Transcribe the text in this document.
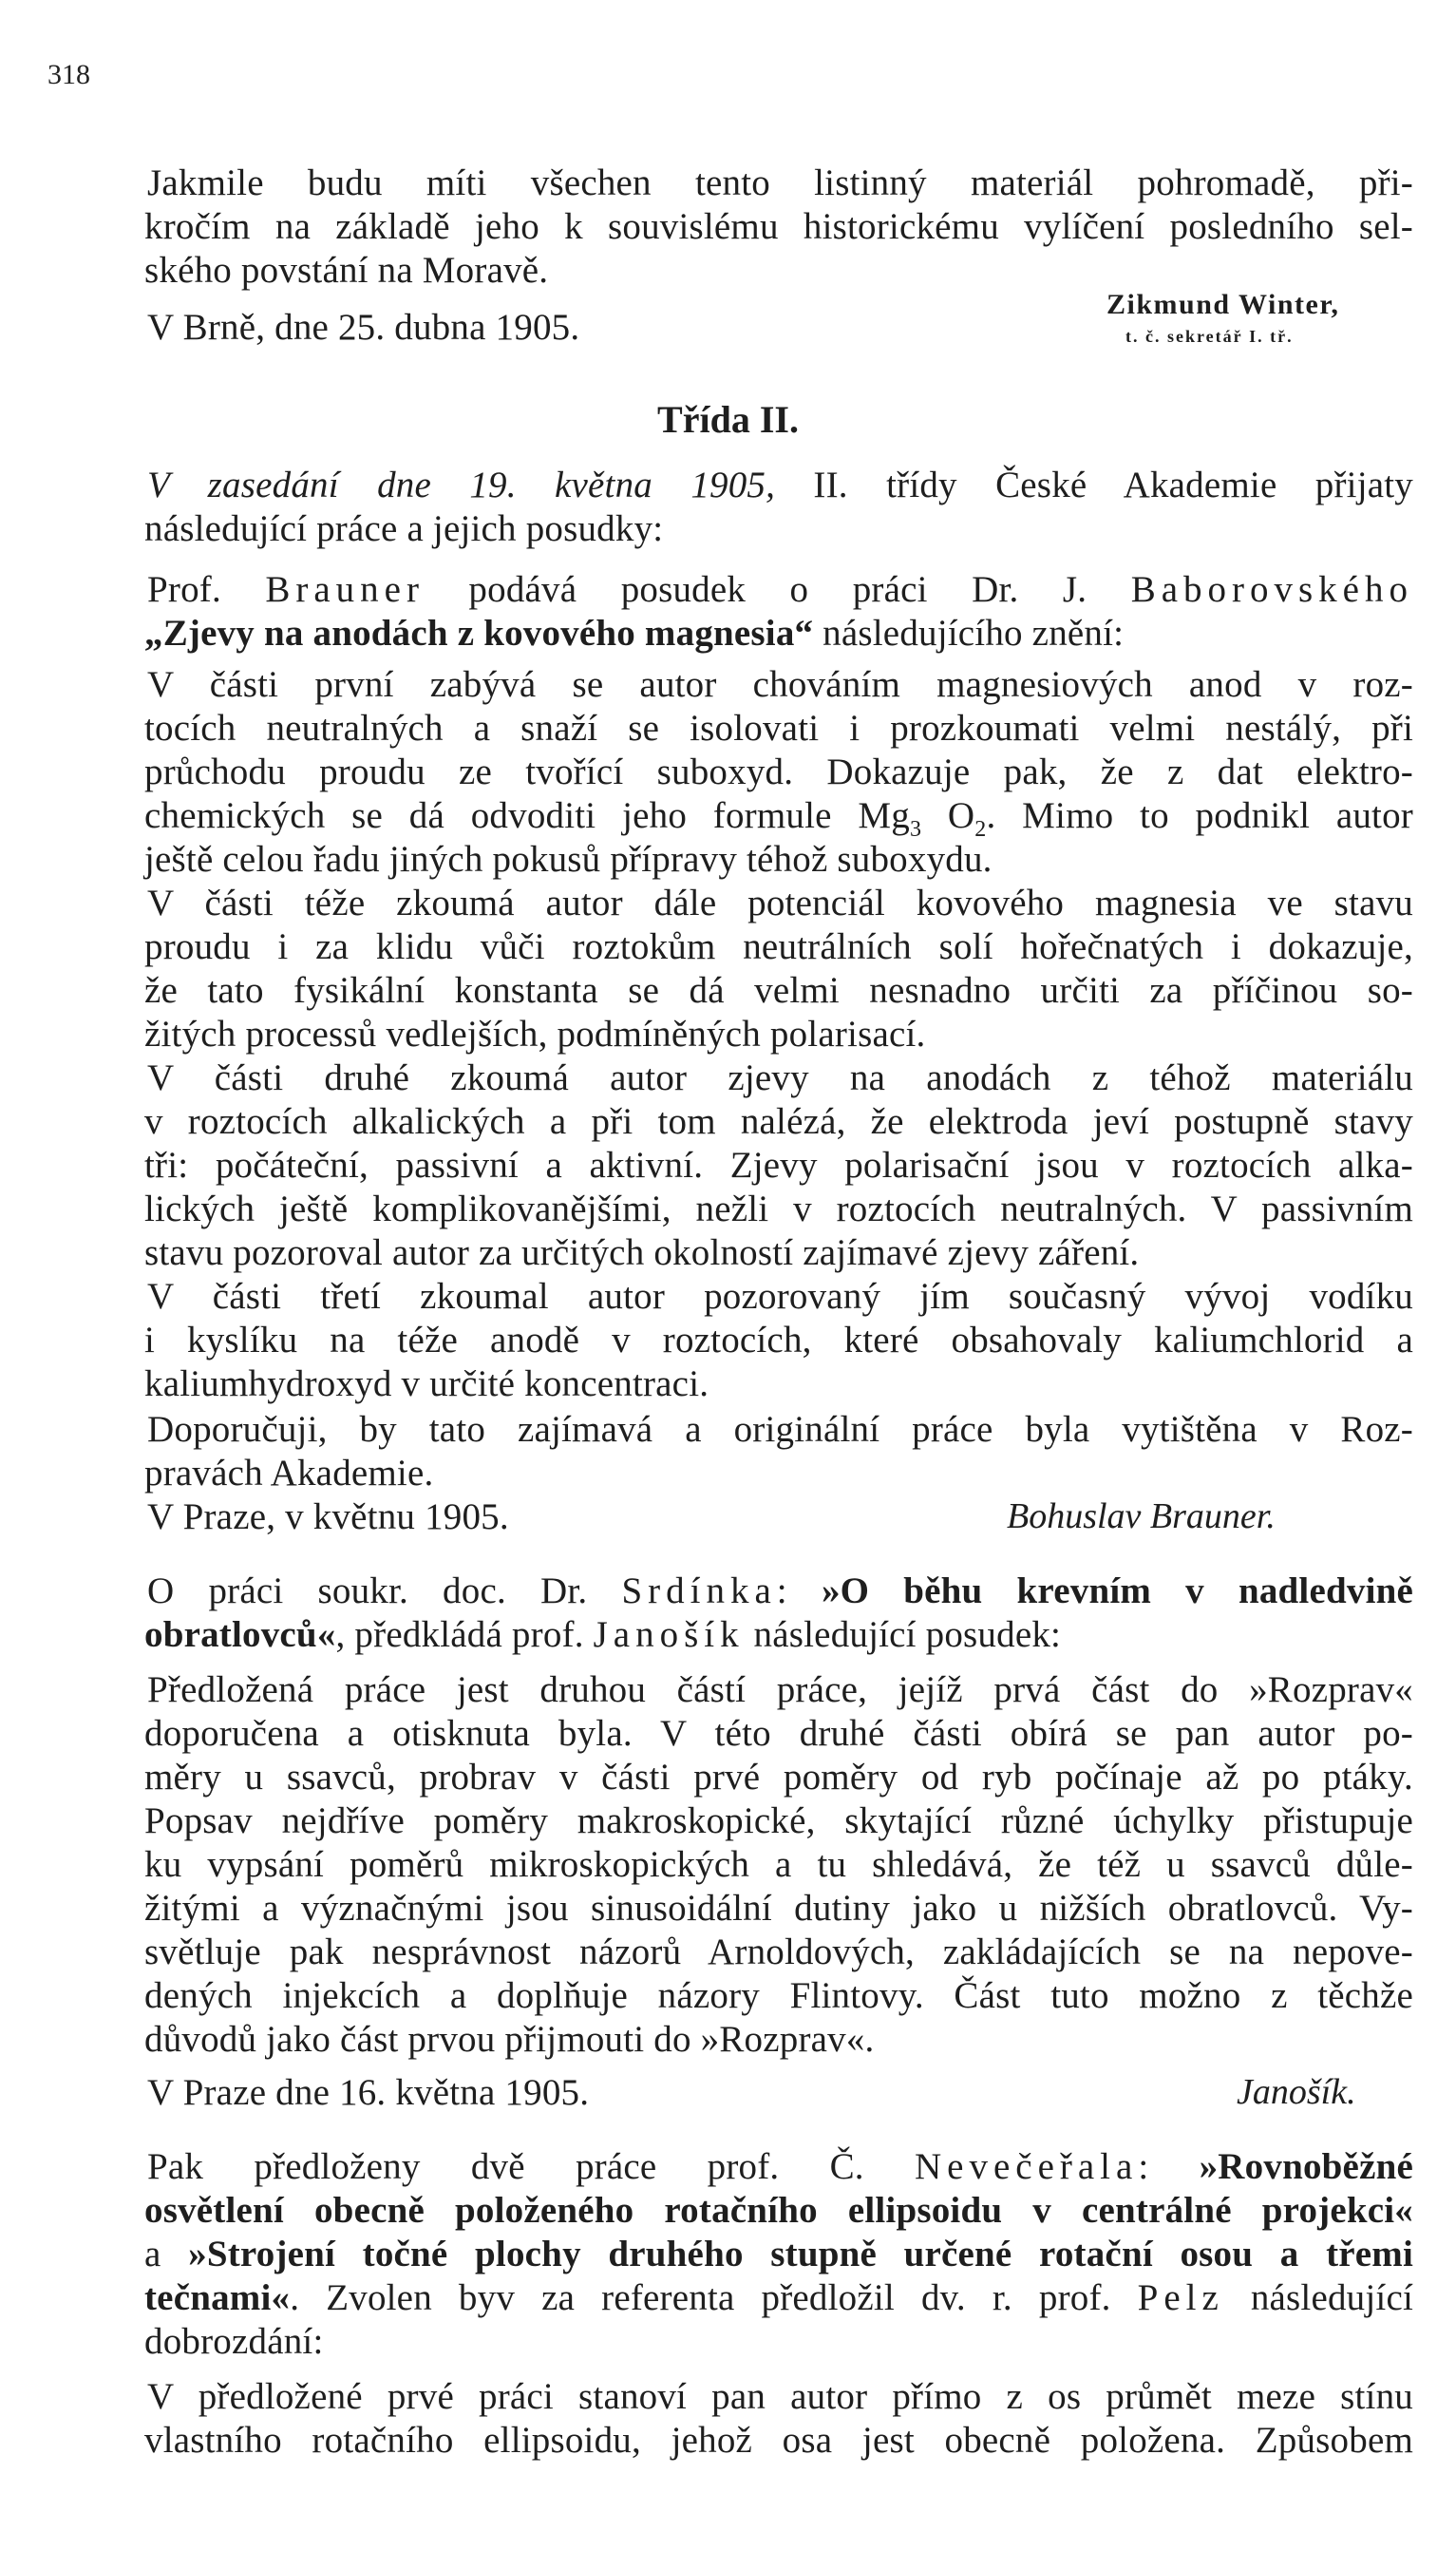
318
Jakmile budu míti všechen tento listinný materiál pohromadě, při-
kročím na základě jeho k souvislému historickému vylíčení posledního sel-
ského povstání na Moravě.
V Brně, dne 25. dubna 1905.
Zikmund Winter,
t. č. sekretář I. tř.
Třída II.
V zasedání dne 19. května 1905, II. třídy České Akademie přijaty
následující práce a jejich posudky:
Prof. Brauner podává posudek o práci Dr. J. Baborovského
„Zjevy na anodách z kovového magnesia“ následujícího znění:
V části první zabývá se autor chováním magnesiových anod v roz-
tocích neutralných a snaží se isolovati i prozkoumati velmi nestálý, při
průchodu proudu ze tvořící suboxyd. Dokazuje pak, že z dat elektro-
chemických se dá odvoditi jeho formule $Mg_3$ $O_2$. Mimo to podnikl autor
ještě celou řadu jiných pokusů přípravy téhož suboxydu.
V části téže zkoumá autor dále potenciál kovového magnesia ve stavu
proudu i za klidu vůči roztokům neutrálních solí hořečnatých i dokazuje,
že tato fysikální konstanta se dá velmi nesnadno určiti za příčinou so-
žitých processů vedlejších, podmíněných polarisací.
V části druhé zkoumá autor zjevy na anodách z téhož materiálu
v roztocích alkalických a při tom nalézá, že elektroda jeví postupně stavy
tři: počáteční, passivní a aktivní. Zjevy polarisační jsou v roztocích alka-
lických ještě komplikovanějšími, nežli v roztocích neutralných. V passivním
stavu pozoroval autor za určitých okolností zajímavé zjevy záření.
V části třetí zkoumal autor pozorovaný jím současný vývoj vodíku
i kyslíku na téže anodě v roztocích, které obsahovaly kaliumchlorid a
kaliumhydroxyd v určité koncentraci.
Doporučuji, by tato zajímavá a originální práce byla vytištěna v Roz-
pravách Akademie.
V Praze, v květnu 1905.	Bohuslav Brauner.
O práci soukr. doc. Dr. Srdínka: »O běhu krevním v nadledvině
obratlovců«, předkládá prof. Janošík následující posudek:
Předložená práce jest druhou částí práce, jejíž prvá část do »Rozprav«
doporučena a otisknuta byla. V této druhé části obírá se pan autor po-
měry u ssavců, probrav v části prvé poměry od ryb počínaje až po ptáky.
Popsav nejdříve poměry makroskopické, skytající různé úchylky přistupuje
ku vypsání poměrů mikroskopických a tu shledává, že též u ssavců důle-
žitými a význačnými jsou sinusoidální dutiny jako u nižších obratlovců. Vy-
světluje pak nesprávnost názorů Arnoldových, zakládajících se na nepove-
dených injekcích a doplňuje názory Flintovy. Část tuto možno z těchže
důvodů jako část prvou přijmouti do »Rozprav«.
V Praze dne 16. května 1905.	Janošík.
Pak předloženy dvě práce prof. Č. Nevečeřala: »Rovnoběžné
osvětlení obecně položeného rotačního ellipsoidu v centrálné projekci«
a »Strojení točné plochy druhého stupně určené rotační osou a třemi
tečnami«. Zvolen byv za referenta předložil dv. r. prof. Pelz následující
dobrozdání:
V předložené prvé práci stanoví pan autor přímo z os průmět meze stínu
vlastního rotačního ellipsoidu, jehož osa jest obecně položena. Způsobem
